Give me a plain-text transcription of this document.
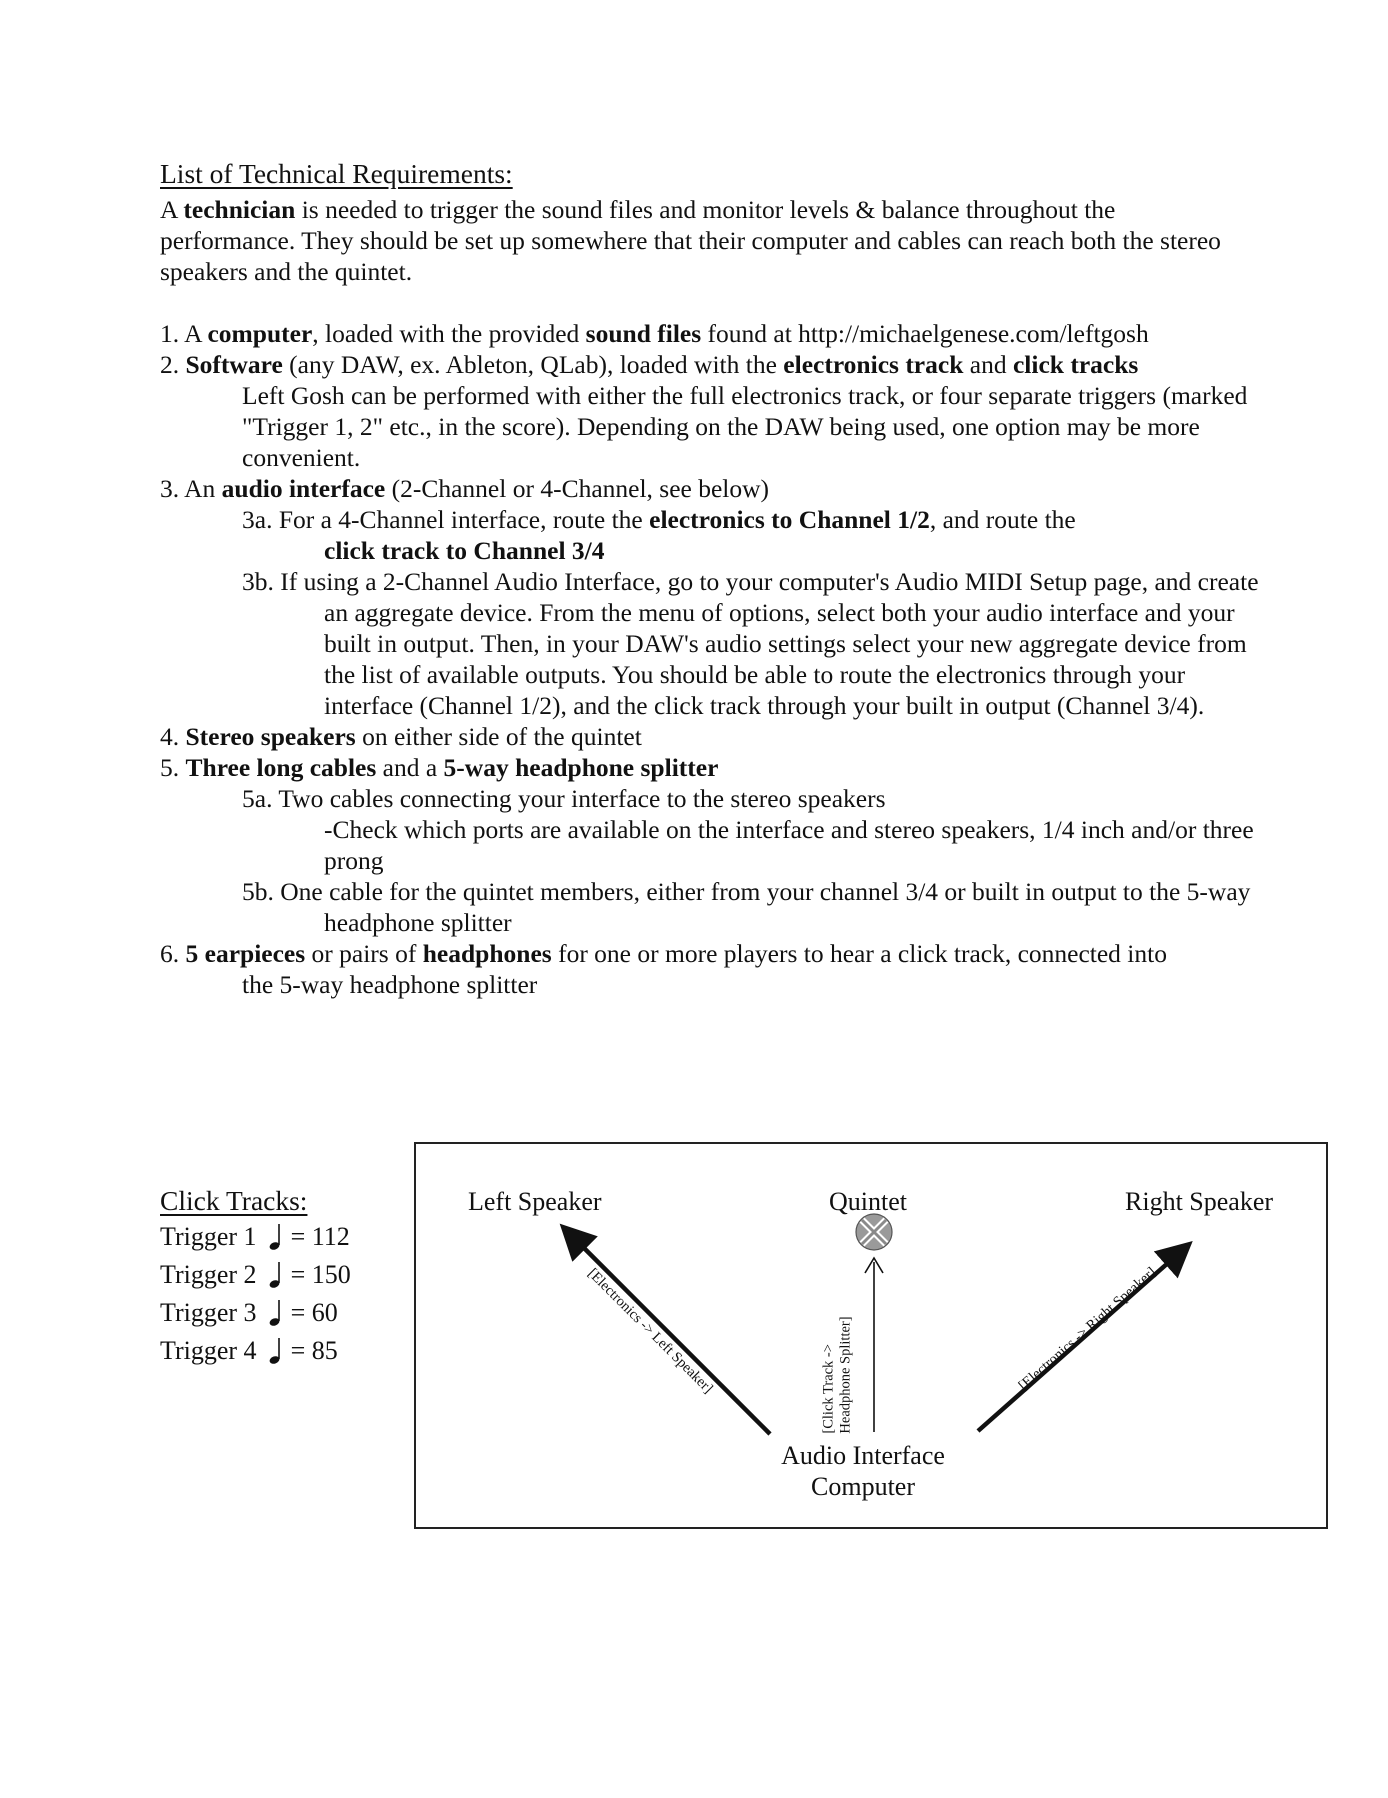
List of Technical Requirements:

A technician is needed to trigger the sound files and monitor levels & balance throughout the performance. They should be set up somewhere that their computer and cables can reach both the stereo speakers and the quintet.

1. A computer, loaded with the provided sound files found at http://michaelgenese.com/leftgosh
2. Software (any DAW, ex. Ableton, QLab), loaded with the electronics track and click tracks
Left Gosh can be performed with either the full electronics track, or four separate triggers (marked "Trigger 1, 2" etc., in the score). Depending on the DAW being used, one option may be more convenient.
3. An audio interface (2-Channel or 4-Channel, see below)
3a. For a 4-Channel interface, route the electronics to Channel 1/2, and route the
click track to Channel 3/4
3b. If using a 2-Channel Audio Interface, go to your computer's Audio MIDI Setup page, and create an aggregate device. From the menu of options, select both your audio interface and your built in output. Then, in your DAW's audio settings select your new aggregate device from the list of available outputs. You should be able to route the electronics through your interface (Channel 1/2), and the click track through your built in output (Channel 3/4).
4. Stereo speakers on either side of the quintet
5. Three long cables and a 5-way headphone splitter
5a. Two cables connecting your interface to the stereo speakers
-Check which ports are available on the interface and stereo speakers, 1/4 inch and/or three prong
5b. One cable for the quintet members, either from your channel 3/4 or built in output to the 5-way headphone splitter
6. 5 earpieces or pairs of headphones for one or more players to hear a click track, connected into
the 5-way headphone splitter
Click Tracks:
Trigger 1 = 112
Trigger 2 = 150
Trigger 3 = 60
Trigger 4 = 85
Left Speaker	Quintet	Right Speaker
Audio Interface
Computer
[Electronics -> Left Speaker]	[Electronics -> Right Speaker]
[Click Track -> Headphone Splitter]
